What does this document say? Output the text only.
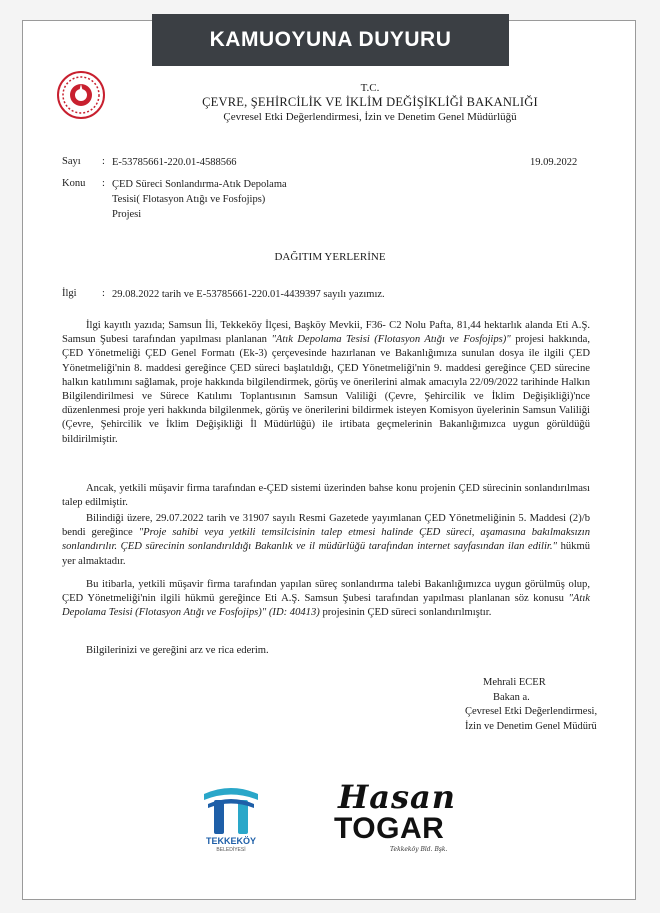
KAMUOYUNA DUYURU
T.C.
ÇEVRE, ŞEHİRCİLİK VE İKLİM DEĞİŞİKLİĞİ BAKANLIĞI
Çevresel Etki Değerlendirmesi, İzin ve Denetim Genel Müdürlüğü
Sayı : E-53785661-220.01-4588566	19.09.2022
Konu : ÇED Süreci Sonlandırma-Atık Depolama
Tesisi( Flotasyon Atığı ve Fosfojips)
Projesi
DAĞITIM YERLERİNE
İlgi : 29.08.2022 tarih ve E-53785661-220.01-4439397 sayılı yazımız.
İlgi kayıtlı yazıda; Samsun İli, Tekkeköy İlçesi, Başköy Mevkii, F36- C2 Nolu Pafta, 81,44 hektarlık alanda Eti A.Ş. Samsun Şubesi tarafından yapılması planlanan "Atık Depolama Tesisi (Flotasyon Atığı ve Fosfojips)" projesi hakkında, ÇED Yönetmeliği ÇED Genel Formatı (Ek-3) çerçevesinde hazırlanan ve Bakanlığımıza sunulan dosya ile ilgili ÇED Yönetmeliği'nin 8. maddesi gereğince ÇED süreci başlatıldığı, ÇED Yönetmeliği'nin 9. maddesi gereğince ÇED sürecine halkın katılımını sağlamak, proje hakkında bilgilendirmek, görüş ve önerilerini almak amacıyla 22/09/2022 tarihinde Halkın Bilgilendirilmesi ve Sürece Katılımı Toplantısının Samsun Valiliği (Çevre, Şehircilik ve İklim Değişikliği)'nce düzenlenmesi proje yeri hakkında bilgilenmek, görüş ve önerilerini bildirmek isteyen Komisyon üyelerinin Samsun Valiliği (Çevre, Şehircilik ve İklim Değişikliği İl Müdürlüğü) ile irtibata geçmelerinin Bakanlığımızca uygun görüldüğü bildirilmiştir.
Ancak, yetkili müşavir firma tarafından e-ÇED sistemi üzerinden bahse konu projenin ÇED sürecinin sonlandırılması talep edilmiştir.
Bilindiği üzere, 29.07.2022 tarih ve 31907 sayılı Resmi Gazetede yayımlanan ÇED Yönetmeliğinin 5. Maddesi (2)/b bendi gereğince "Proje sahibi veya yetkili temsilcisinin talep etmesi halinde ÇED süreci, aşamasına bakılmaksızın sonlandırılır. ÇED sürecinin sonlandırıldığı Bakanlık ve il müdürlüğü tarafından internet sayfasından ilan edilir." hükmü yer almaktadır.
Bu itibarla, yetkili müşavir firma tarafından yapılan süreç sonlandırma talebi Bakanlığımızca uygun görülmüş olup, ÇED Yönetmeliği'nin ilgili hükmü gereğince Eti A.Ş. Samsun Şubesi tarafından yapılması planlanan söz konusu "Atık Depolama Tesisi (Flotasyon Atığı ve Fosfojips)" (ID: 40413) projesinin ÇED süreci sonlandırılmıştır.
Bilgilerinizi ve gereğini arz ve rica ederim.
Mehrali ECER
Bakan a.
Çevresel Etki Değerlendirmesi,
İzin ve Denetim Genel Müdürü
TEKKEKÖY
BELEDİYESİ
Hasan
TOGAR
Tekkeköy Bld. Bşk.
